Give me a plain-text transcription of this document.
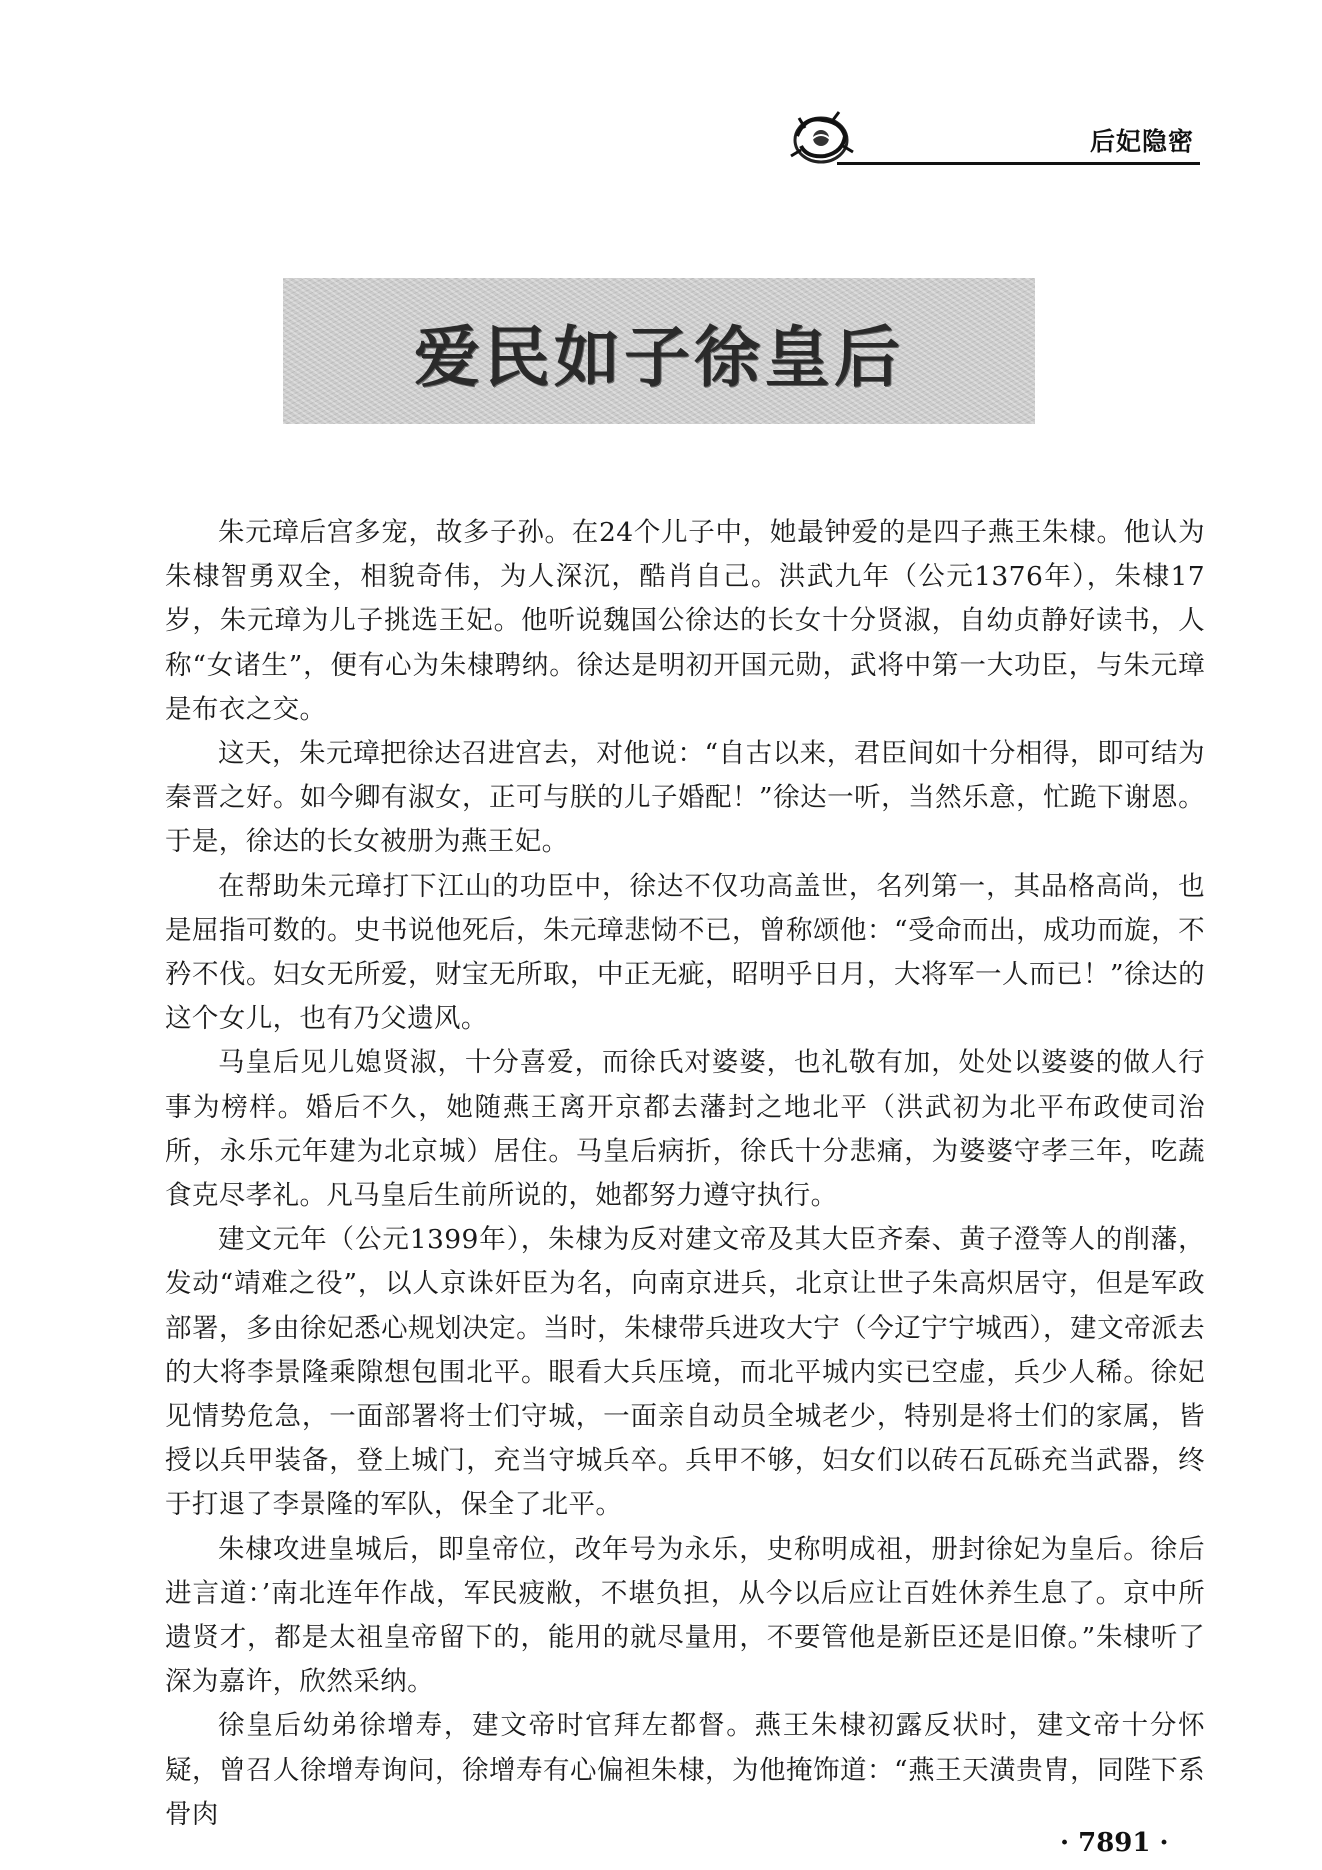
后妃隐密
爱民如子徐皇后

朱元璋后宫多宠，故多子孙。在24个儿子中，她最钟爱的是四子燕王朱棣。他认为朱棣智勇双全，相貌奇伟，为人深沉，酷肖自己。洪武九年（公元1376年），朱棣17岁，朱元璋为儿子挑选王妃。他听说魏国公徐达的长女十分贤淑，自幼贞静好读书，人称“女诸生”，便有心为朱棣聘纳。徐达是明初开国元勋，武将中第一大功臣，与朱元璋是布衣之交。

这天，朱元璋把徐达召进宫去，对他说：“自古以来，君臣间如十分相得，即可结为秦晋之好。如今卿有淑女，正可与朕的儿子婚配！”徐达一听，当然乐意，忙跪下谢恩。于是，徐达的长女被册为燕王妃。

在帮助朱元璋打下江山的功臣中，徐达不仅功高盖世，名列第一，其品格高尚，也是屈指可数的。史书说他死后，朱元璋悲恸不已，曾称颂他：“受命而出，成功而旋，不矜不伐。妇女无所爱，财宝无所取，中正无疵，昭明乎日月，大将军一人而已！”徐达的这个女儿，也有乃父遗风。

马皇后见儿媳贤淑，十分喜爱，而徐氏对婆婆，也礼敬有加，处处以婆婆的做人行事为榜样。婚后不久，她随燕王离开京都去藩封之地北平（洪武初为北平布政使司治所，永乐元年建为北京城）居住。马皇后病折，徐氏十分悲痛，为婆婆守孝三年，吃蔬食克尽孝礼。凡马皇后生前所说的，她都努力遵守执行。

建文元年（公元1399年），朱棣为反对建文帝及其大臣齐秦、黄子澄等人的削藩，发动“靖难之役”，以人京诛奸臣为名，向南京进兵，北京让世子朱高炽居守，但是军政部署，多由徐妃悉心规划决定。当时，朱棣带兵进攻大宁（今辽宁宁城西），建文帝派去的大将李景隆乘隙想包围北平。眼看大兵压境，而北平城内实已空虚，兵少人稀。徐妃见情势危急，一面部署将士们守城，一面亲自动员全城老少，特别是将士们的家属，皆授以兵甲装备，登上城门，充当守城兵卒。兵甲不够，妇女们以砖石瓦砾充当武器，终于打退了李景隆的军队，保全了北平。

朱棣攻进皇城后，即皇帝位，改年号为永乐，史称明成祖，册封徐妃为皇后。徐后进言道：’南北连年作战，军民疲敝，不堪负担，从今以后应让百姓休养生息了。京中所遗贤才，都是太祖皇帝留下的，能用的就尽量用，不要管他是新臣还是旧僚。”朱棣听了深为嘉许，欣然采纳。

徐皇后幼弟徐增寿，建文帝时官拜左都督。燕王朱棣初露反状时，建文帝十分怀疑，曾召人徐增寿询问，徐增寿有心偏袒朱棣，为他掩饰道：“燕王天潢贵胄，同陛下系骨肉

· 7891 ·
